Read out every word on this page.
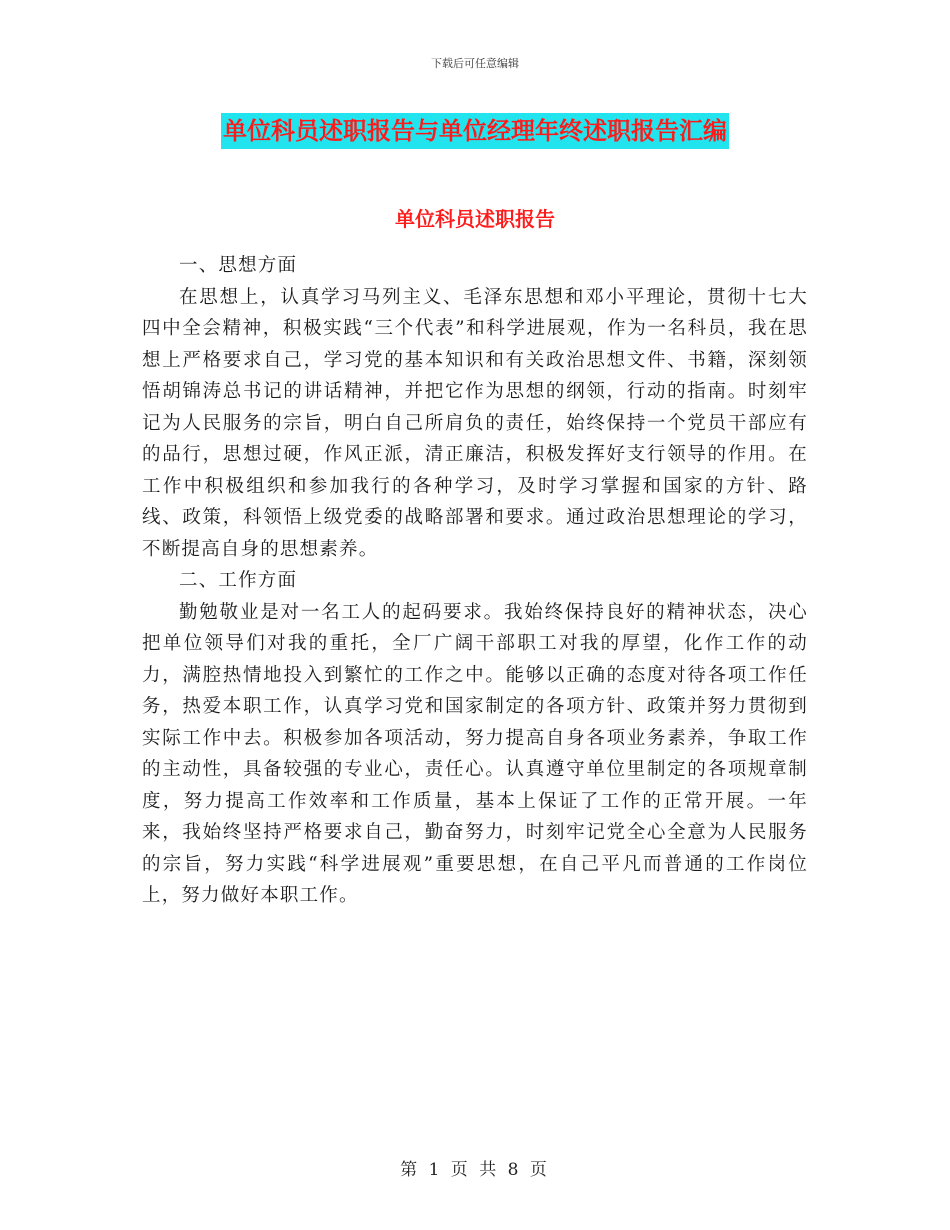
下载后可任意编辑
单位科员述职报告与单位经理年终述职报告汇编
单位科员述职报告

一、思想方面

在思想上，认真学习马列主义、毛泽东思想和邓小平理论，贯彻十七大四中全会精神，积极实践“三个代表”和科学进展观，作为一名科员，我在思想上严格要求自己，学习党的基本知识和有关政治思想文件、书籍，深刻领悟胡锦涛总书记的讲话精神，并把它作为思想的纲领，行动的指南。时刻牢记为人民服务的宗旨，明白自己所肩负的责任，始终保持一个党员干部应有的品行，思想过硬，作风正派，清正廉洁，积极发挥好支行领导的作用。在工作中积极组织和参加我行的各种学习，及时学习掌握和国家的方针、路线、政策，科领悟上级党委的战略部署和要求。通过政治思想理论的学习，不断提高自身的思想素养。

二、工作方面

勤勉敬业是对一名工人的起码要求。我始终保持良好的精神状态，决心把单位领导们对我的重托，全厂广阔干部职工对我的厚望，化作工作的动力，满腔热情地投入到繁忙的工作之中。能够以正确的态度对待各项工作任务，热爱本职工作，认真学习党和国家制定的各项方针、政策并努力贯彻到实际工作中去。积极参加各项活动，努力提高自身各项业务素养，争取工作的主动性，具备较强的专业心，责任心。认真遵守单位里制定的各项规章制度，努力提高工作效率和工作质量，基本上保证了工作的正常开展。一年来，我始终坚持严格要求自己，勤奋努力，时刻牢记党全心全意为人民服务的宗旨，努力实践“科学进展观”重要思想，在自己平凡而普通的工作岗位上，努力做好本职工作。

第 1 页 共 8 页
